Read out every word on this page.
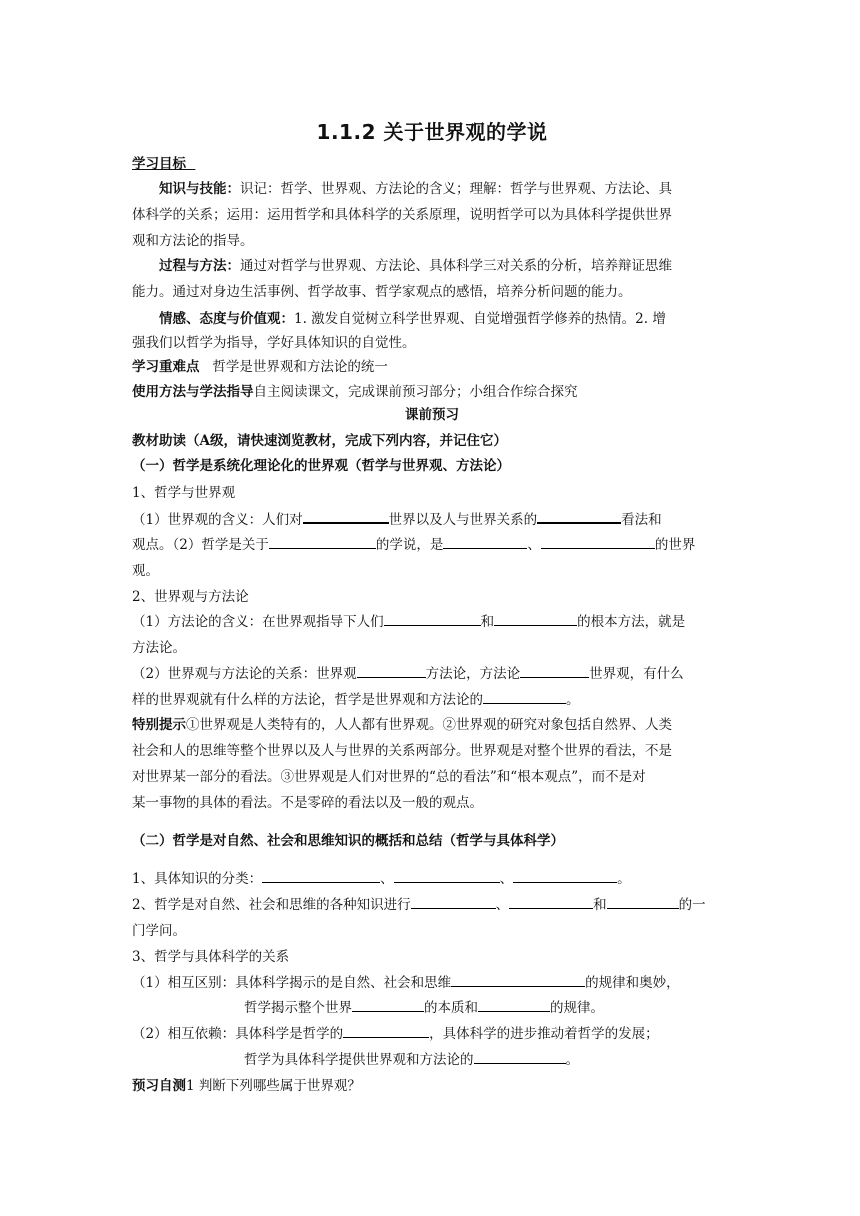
1.1.2 关于世界观的学说
学习目标
知识与技能：识记：哲学、世界观、方法论的含义；理解：哲学与世界观、方法论、具
体科学的关系；运用：运用哲学和具体科学的关系原理，说明哲学可以为具体科学提供世界
观和方法论的指导。
过程与方法：通过对哲学与世界观、方法论、具体科学三对关系的分析，培养辩证思维
能力。通过对身边生活事例、哲学故事、哲学家观点的感悟，培养分析问题的能力。
情感、态度与价值观：1. 激发自觉树立科学世界观、自觉增强哲学修养的热情。2. 增
强我们以哲学为指导，学好具体知识的自觉性。
学习重难点 哲学是世界观和方法论的统一
使用方法与学法指导自主阅读课文，完成课前预习部分；小组合作综合探究
课前预习
教材助读（A级，请快速浏览教材，完成下列内容，并记住它）
（一）哲学是系统化理论化的世界观（哲学与世界观、方法论）
1、哲学与世界观
（1）世界观的含义：人们对	世界以及人与世界关系的	看法和
观点。（2）哲学是关于	的学说，是	、	的世界
观。
2、世界观与方法论
（1）方法论的含义：在世界观指导下人们	和	的根本方法，就是
方法论。
（2）世界观与方法论的关系：世界观	方法论，方法论	世界观，有什么
样的世界观就有什么样的方法论，哲学是世界观和方法论的	。
特别提示①世界观是人类特有的，人人都有世界观。②世界观的研究对象包括自然界、人类
社会和人的思维等整个世界以及人与世界的关系两部分。世界观是对整个世界的看法，不是
对世界某一部分的看法。③世界观是人们对世界的“总的看法”和“根本观点”，而不是对
某一事物的具体的看法。不是零碎的看法以及一般的观点。
（二）哲学是对自然、社会和思维知识的概括和总结（哲学与具体科学）
1、具体知识的分类：	、	、	。
2、哲学是对自然、社会和思维的各种知识进行	、	和	的一
门学问。
3、哲学与具体科学的关系
（1）相互区别：具体科学揭示的是自然、社会和思维	的规律和奥妙，
哲学揭示整个世界	的本质和	的规律。
（2）相互依赖：具体科学是哲学的	，具体科学的进步推动着哲学的发展；
哲学为具体科学提供世界观和方法论的	。
预习自测1 判断下列哪些属于世界观？
